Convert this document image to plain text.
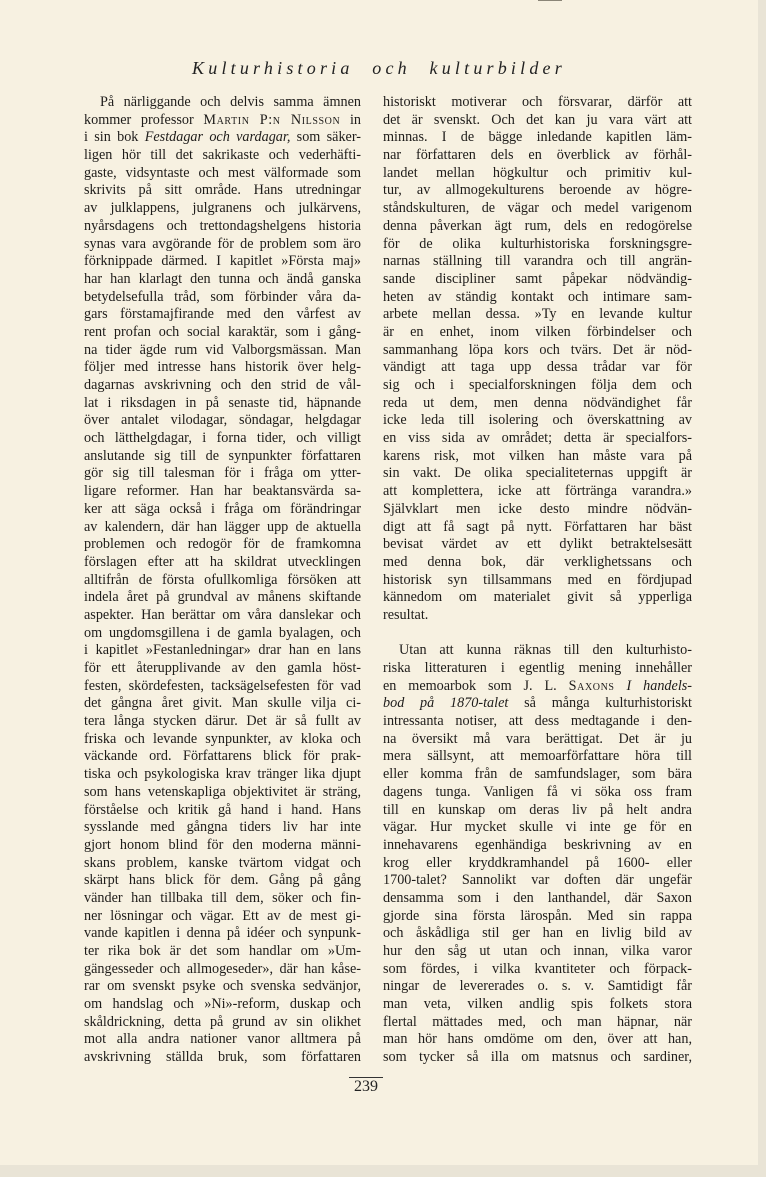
Kulturhistoria och kulturbilder
På närliggande och delvis samma ämnen
kommer professor Martin P:n Nilsson in
i sin bok Festdagar och vardagar, som säker-
ligen hör till det sakrikaste och vederhäfti-
gaste, vidsyntaste och mest välformade som
skrivits på sitt område. Hans utredningar
av julklappens, julgranens och julkärvens,
nyårsdagens och trettondagshelgens historia
synas vara avgörande för de problem som äro
förknippade därmed. I kapitlet »Första maj»
har han klarlagt den tunna och ändå ganska
betydelsefulla tråd, som förbinder våra da-
gars förstamajfirande med den vårfest av
rent profan och social karaktär, som i gång-
na tider ägde rum vid Valborgsmässan. Man
följer med intresse hans historik över helg-
dagarnas avskrivning och den strid de vål-
lat i riksdagen in på senaste tid, häpnande
över antalet vilodagar, söndagar, helgdagar
och lätthelgdagar, i forna tider, och villigt
anslutande sig till de synpunkter författaren
gör sig till talesman för i fråga om ytter-
ligare reformer. Han har beaktansvärda sa-
ker att säga också i fråga om förändringar
av kalendern, där han lägger upp de aktuella
problemen och redogör för de framkomna
förslagen efter att ha skildrat utvecklingen
alltifrån de första ofullkomliga försöken att
indela året på grundval av månens skiftande
aspekter. Han berättar om våra danslekar och
om ungdomsgillena i de gamla byalagen, och
i kapitlet »Festanledningar» drar han en lans
för ett återupplivande av den gamla höst-
festen, skördefesten, tacksägelsefesten för vad
det gångna året givit. Man skulle vilja ci-
tera långa stycken därur. Det är så fullt av
friska och levande synpunkter, av kloka och
väckande ord. Författarens blick för prak-
tiska och psykologiska krav tränger lika djupt
som hans vetenskapliga objektivitet är sträng,
förståelse och kritik gå hand i hand. Hans
sysslande med gångna tiders liv har inte
gjort honom blind för den moderna männi-
skans problem, kanske tvärtom vidgat och
skärpt hans blick för dem. Gång på gång
vänder han tillbaka till dem, söker och fin-
ner lösningar och vägar. Ett av de mest gi-
vande kapitlen i denna på idéer och synpunk-
ter rika bok är det som handlar om »Um-
gängesseder och allmogeseder», där han kåse-
rar om svenskt psyke och svenska sedvänjor,
om handslag och »Ni»-reform, duskap och
skåldrickning, detta på grund av sin olikhet
mot alla andra nationer vanor alltmera på
avskrivning ställda bruk, som författaren
historiskt motiverar och försvarar, därför att
det är svenskt. Och det kan ju vara värt att
minnas. I de bägge inledande kapitlen läm-
nar författaren dels en överblick av förhål-
landet mellan högkultur och primitiv kul-
tur, av allmogekulturens beroende av högre-
ståndskulturen, de vägar och medel varigenom
denna påverkan ägt rum, dels en redogörelse
för de olika kulturhistoriska forskningsgre-
narnas ställning till varandra och till angrän-
sande discipliner samt påpekar nödvändig-
heten av ständig kontakt och intimare sam-
arbete mellan dessa. »Ty en levande kultur
är en enhet, inom vilken förbindelser och
sammanhang löpa kors och tvärs. Det är nöd-
vändigt att taga upp dessa trådar var för
sig och i specialforskningen följa dem och
reda ut dem, men denna nödvändighet får
icke leda till isolering och överskattning av
en viss sida av området; detta är specialfors-
karens risk, mot vilken han måste vara på
sin vakt. De olika specialiteternas uppgift är
att komplettera, icke att förtränga varandra.»
Självklart men icke desto mindre nödvän-
digt att få sagt på nytt. Författaren har bäst
bevisat värdet av ett dylikt betraktelsesätt
med denna bok, där verklighetssans och
historisk syn tillsammans med en fördjupad
kännedom om materialet givit så ypperliga
resultat.
Utan att kunna räknas till den kulturhisto-
riska litteraturen i egentlig mening innehåller
en memoarbok som J. L. Saxons I handels-
bod på 1870-talet så många kulturhistoriskt
intressanta notiser, att dess medtagande i den-
na översikt må vara berättigat. Det är ju
mera sällsynt, att memoarförfattare höra till
eller komma från de samfundslager, som bära
dagens tunga. Vanligen få vi söka oss fram
till en kunskap om deras liv på helt andra
vägar. Hur mycket skulle vi inte ge för en
innehavarens egenhändiga beskrivning av en
krog eller kryddkramhandel på 1600- eller
1700-talet? Sannolikt var doften där ungefär
densamma som i den lanthandel, där Saxon
gjorde sina första lärospån. Med sin rappa
och åskådliga stil ger han en livlig bild av
hur den såg ut utan och innan, vilka varor
som fördes, i vilka kvantiteter och förpack-
ningar de levererades o. s. v. Samtidigt får
man veta, vilken andlig spis folkets stora
flertal mättades med, och man häpnar, när
man hör hans omdöme om den, över att han,
som tycker så illa om matsnus och sardiner,
239
